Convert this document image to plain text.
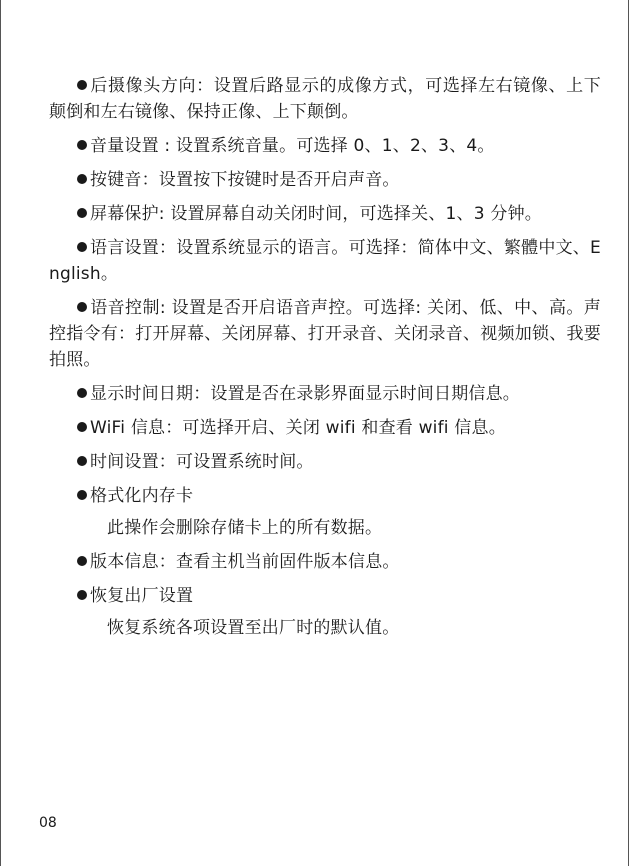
后摄像头方向：设置后路显示的成像方式，可选择左右镜像、上下颠倒和左右镜像、保持正像、上下颠倒。

音量设置 : 设置系统音量。可选择 0、1、2、3、4。

按键音：设置按下按键时是否开启声音。

屏幕保护: 设置屏幕自动关闭时间，可选择关、1、3 分钟。

语言设置：设置系统显示的语言。可选择：简体中文、繁體中文、English。

语音控制: 设置是否开启语音声控。可选择: 关闭、低、中、高。声控指令有：打开屏幕、关闭屏幕、打开录音、关闭录音、视频加锁、我要拍照。

显示时间日期：设置是否在录影界面显示时间日期信息。

WiFi 信息：可选择开启、关闭 wifi 和查看 wifi 信息。

时间设置：可设置系统时间。

格式化内存卡

此操作会删除存储卡上的所有数据。

版本信息：查看主机当前固件版本信息。

恢复出厂设置

恢复系统各项设置至出厂时的默认值。

08
